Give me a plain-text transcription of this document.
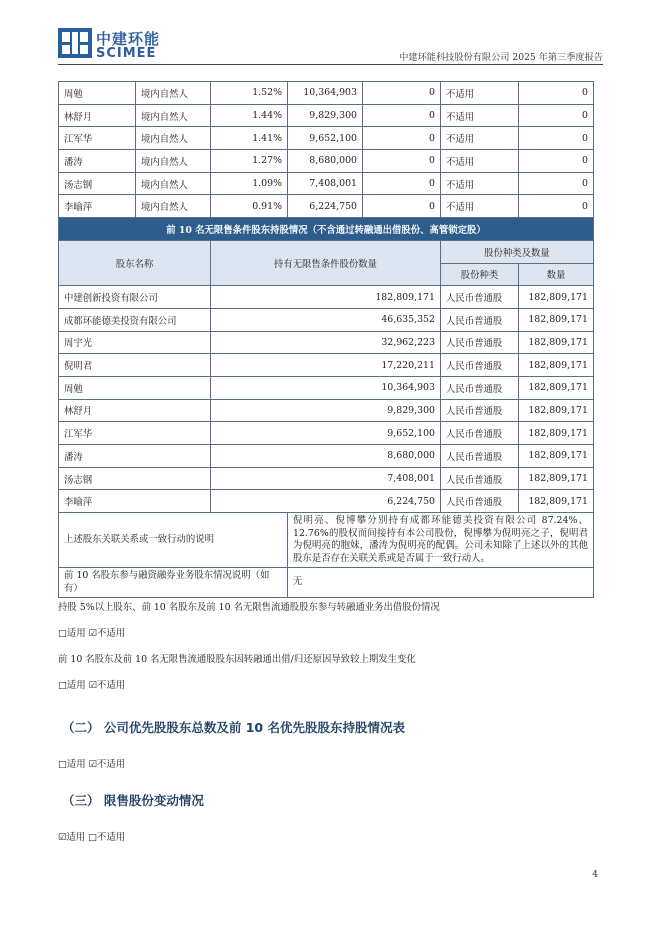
中建环能
SCIMEE	中建环能科技股份有限公司 2025 年第三季度报告
周勉	境内自然人	1.52%	10,364,903	0	不适用	0
林舒月	境内自然人	1.44%	9,829,300	0	不适用	0
江军华	境内自然人	1.41%	9,652,100	0	不适用	0
潘涛	境内自然人	1.27%	8,680,000	0	不适用	0
汤志钢	境内自然人	1.09%	7,408,001	0	不适用	0
李喻萍	境内自然人	0.91%	6,224,750	0	不适用	0
前 10 名无限售条件股东持股情况（不含通过转融通出借股份、高管锁定股）						
股东名称		持有无限售条件股份数量			股份种类及数量	
					股份种类	数量
中建创新投资有限公司		182,809,171			人民币普通股	182,809,171
成都环能德美投资有限公司		46,635,352			人民币普通股	182,809,171
周宇光		32,962,223			人民币普通股	182,809,171
倪明君		17,220,211			人民币普通股	182,809,171
周勉		10,364,903			人民币普通股	182,809,171
林舒月		9,829,300			人民币普通股	182,809,171
江军华		9,652,100			人民币普通股	182,809,171
潘涛		8,680,000			人民币普通股	182,809,171
汤志钢		7,408,001			人民币普通股	182,809,171
李喻萍		6,224,750			人民币普通股	182,809,171
上述股东关联关系或一致行动的说明			倪明亮、倪博攀分别持有成都环能德美投资有限公司 87.24%、12.76%的股权而间接持有本公司股份，倪博攀为倪明亮之子，倪明君为倪明亮的胞妹，潘涛为倪明亮的配偶。公司未知除了上述以外的其他股东是否存在关联关系或是否属于一致行动人。			
前 10 名股东参与融资融券业务股东情况说明（如有）			无			
持股 5%以上股东、前 10 名股东及前 10 名无限售流通股股东参与转融通业务出借股份情况
□适用 ☑不适用
前 10 名股东及前 10 名无限售流通股股东因转融通出借/归还原因导致较上期发生变化
□适用 ☑不适用
（二） 公司优先股股东总数及前 10 名优先股股东持股情况表
□适用 ☑不适用
（三） 限售股份变动情况
☑适用 □不适用
4
